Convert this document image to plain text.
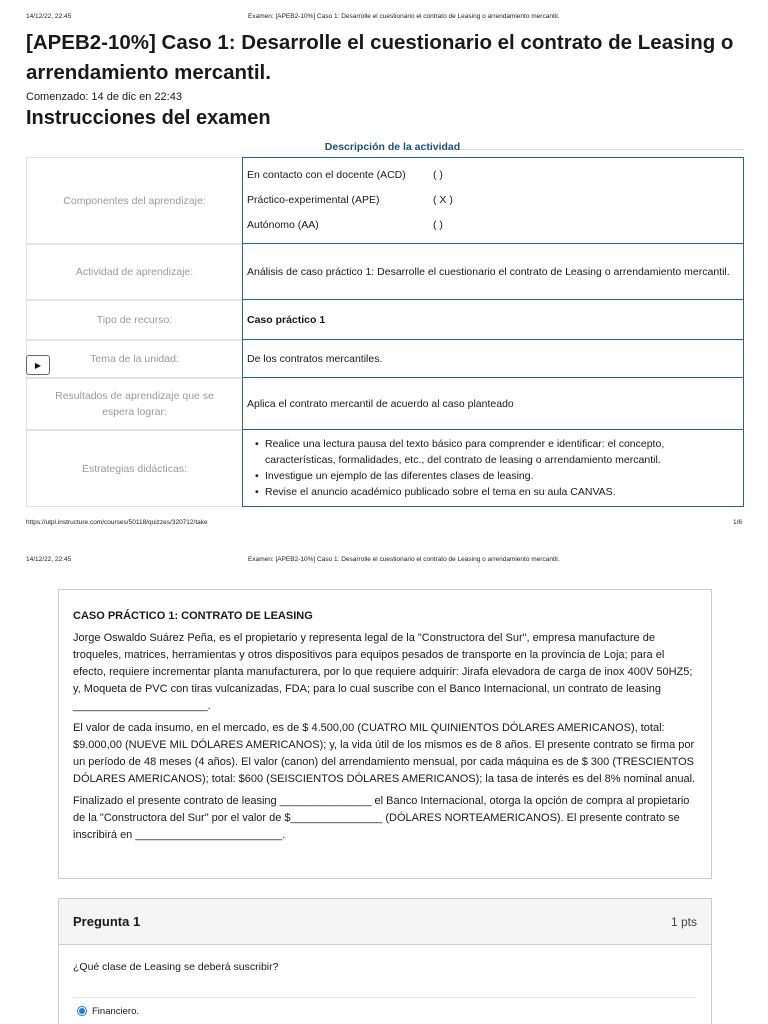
14/12/22, 22:45	Examen: [APEB2-10%] Caso 1: Desarrolle el cuestionario el contrato de Leasing o arrendamiento mercantil.
[APEB2-10%] Caso 1: Desarrolle el cuestionario el contrato de Leasing o arrendamiento mercantil.
Comenzado: 14 de dic en 22:43
Instrucciones del examen
Descripción de la actividad
Componentes del aprendizaje:
En contacto con el docente (ACD)	( )
Práctico-experimental (APE)	( X )
Autónomo (AA)	( )
Actividad de aprendizaje:	Análisis de caso práctico 1: Desarrolle el cuestionario el contrato de Leasing o arrendamiento mercantil.
Tipo de recurso:	Caso práctico 1
Tema de la unidad:	De los contratos mercantiles.
Resultados de aprendizaje que se espera lograr:
Aplica el contrato mercantil de acuerdo al caso planteado
Estrategias didácticas:
• Realice una lectura pausa del texto básico para comprender e identificar: el concepto, características, formalidades, etc., del contrato de leasing o arrendamiento mercantil.
• Investigue un ejemplo de las diferentes clases de leasing.
• Revise el anuncio académico publicado sobre el tema en su aula CANVAS.
▶
https://utpl.instructure.com/courses/50118/quizzes/320712/take	1/6
14/12/22, 22:45	Examen: [APEB2-10%] Caso 1: Desarrolle el cuestionario el contrato de Leasing o arrendamiento mercantil.
CASO PRÁCTICO 1: CONTRATO DE LEASING

Jorge Oswaldo Suárez Peña, es el propietario y representa legal de la "Constructora del Sur", empresa manufacture de troqueles, matrices, herramientas y otros dispositivos para equipos pesados de transporte en la provincia de Loja; para el efecto, requiere incrementar planta manufacturera, por lo que requiere adquirir: Jirafa elevadora de carga de inox 400V 50HZ5; y, Moqueta de PVC con tiras vulcanizadas, FDA; para lo cual suscribe con el Banco Internacional, un contrato de leasing ______________________.

El valor de cada insumo, en el mercado, es de $ 4.500,00 (CUATRO MIL QUINIENTOS DÓLARES AMERICANOS), total: $9.000,00 (NUEVE MIL DÓLARES AMERICANOS); y, la vida útil de los mismos es de 8 años. El presente contrato se firma por un período de 48 meses (4 años). El valor (canon) del arrendamiento mensual, por cada máquina es de $ 300 (TRESCIENTOS DÓLARES AMERICANOS); total: $600 (SEISCIENTOS DÓLARES AMERICANOS); la tasa de interés es del 8% nominal anual.

Finalizado el presente contrato de leasing _______________ el Banco Internacional, otorga la opción de compra al propietario de la "Constructora del Sur" por el valor de $_______________ (DÓLARES NORTEAMERICANOS). El presente contrato se inscribirá en ________________________.

Pregunta 1	1 pts
¿Qué clase de Leasing se deberá suscribir?
Financiero.
